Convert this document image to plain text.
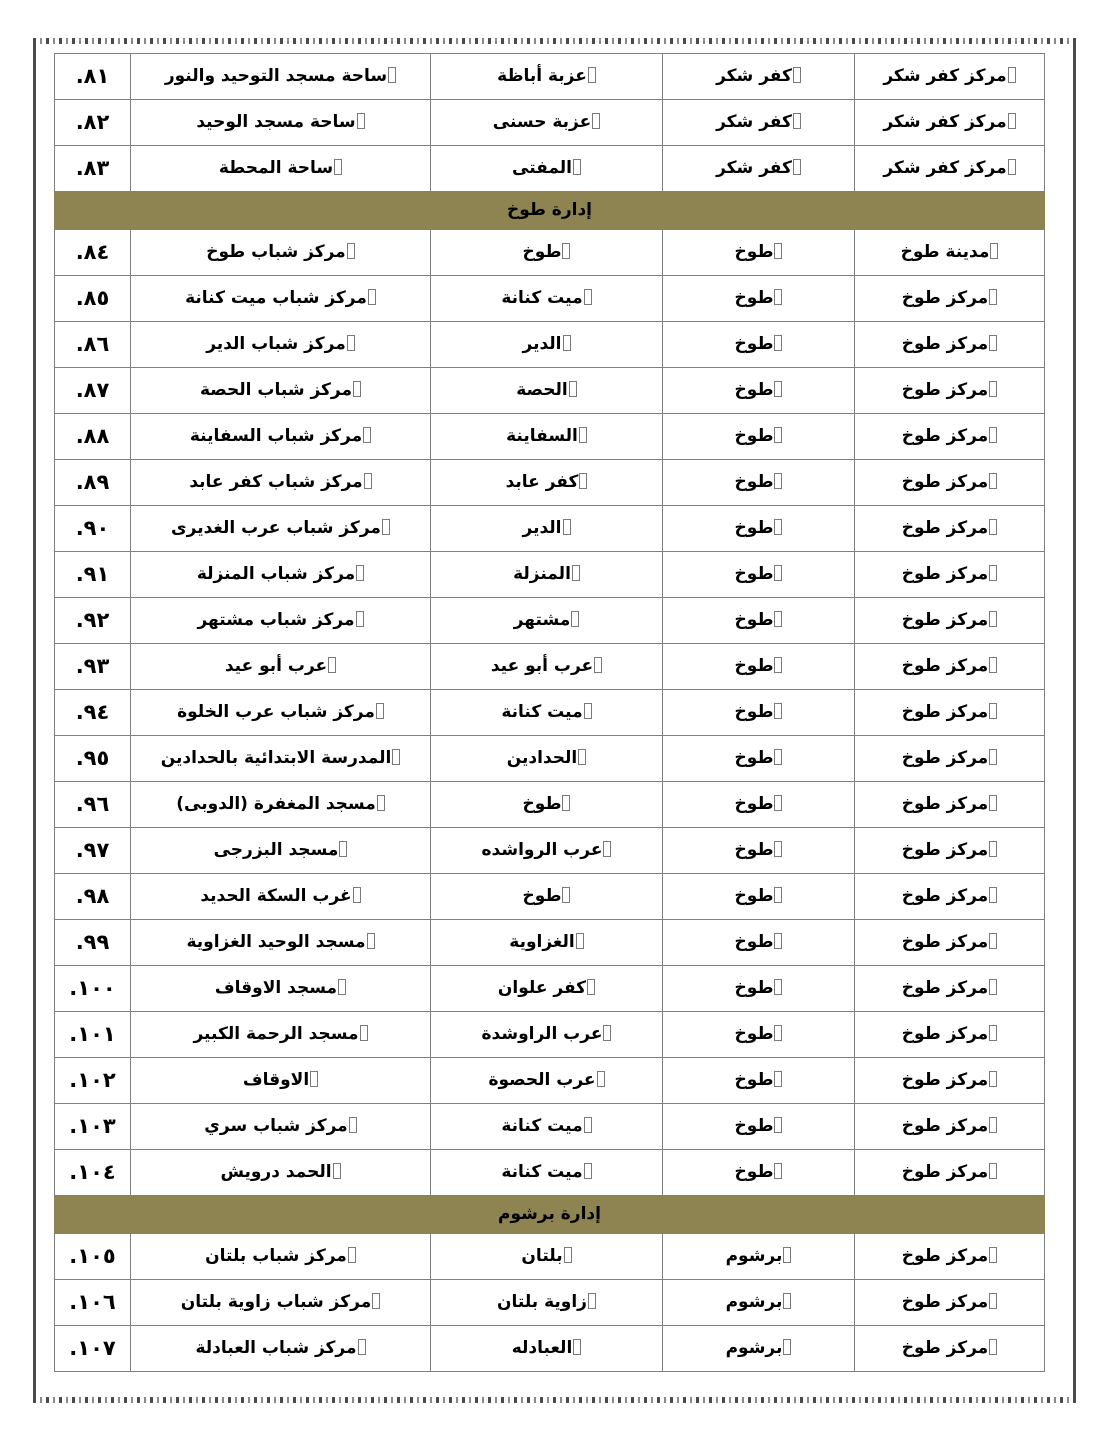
مركز كفر شكر	كفر شكر	عزبة أباظة	ساحة مسجد التوحيد والنور	٨١.
مركز كفر شكر	كفر شكر	عزبة حسنى	ساحة مسجد الوحيد	٨٢.
مركز كفر شكر	كفر شكر	المفتى	ساحة المحطة	٨٣.
إدارة طوخ				
مدينة طوخ	طوخ	طوخ	مركز شباب طوخ	٨٤.
مركز طوخ	طوخ	ميت كنانة	مركز شباب ميت كنانة	٨٥.
مركز طوخ	طوخ	الدير	مركز شباب الدير	٨٦.
مركز طوخ	طوخ	الحصة	مركز شباب الحصة	٨٧.
مركز طوخ	طوخ	السفاينة	مركز شباب السفاينة	٨٨.
مركز طوخ	طوخ	كفر عابد	مركز شباب كفر عابد	٨٩.
مركز طوخ	طوخ	الدير	مركز شباب عرب الغديرى	٩٠.
مركز طوخ	طوخ	المنزلة	مركز شباب المنزلة	٩١.
مركز طوخ	طوخ	مشتهر	مركز شباب مشتهر	٩٢.
مركز طوخ	طوخ	عرب أبو عيد	عرب أبو عيد	٩٣.
مركز طوخ	طوخ	ميت كنانة	مركز شباب عرب الخلوة	٩٤.
مركز طوخ	طوخ	الحدادين	المدرسة الابتدائية بالحدادين	٩٥.
مركز طوخ	طوخ	طوخ	مسجد المغفرة (الدوبى)	٩٦.
مركز طوخ	طوخ	عرب الرواشده	مسجد البزرجى	٩٧.
مركز طوخ	طوخ	طوخ	غرب السكة الحديد	٩٨.
مركز طوخ	طوخ	الغزاوية	مسجد الوحيد الغزاوية	٩٩.
مركز طوخ	طوخ	كفر علوان	مسجد الاوقاف	١٠٠.
مركز طوخ	طوخ	عرب الراوشدة	مسجد الرحمة الكبير	١٠١.
مركز طوخ	طوخ	عرب الحصوة	الاوقاف	١٠٢.
مركز طوخ	طوخ	ميت كنانة	مركز شباب سري	١٠٣.
مركز طوخ	طوخ	ميت كنانة	الحمد درويش	١٠٤.
إدارة برشوم				
مركز طوخ	برشوم	بلتان	مركز شباب بلتان	١٠٥.
مركز طوخ	برشوم	زاوية بلتان	مركز شباب زاوية بلتان	١٠٦.
مركز طوخ	برشوم	العبادله	مركز شباب العبادلة	١٠٧.
